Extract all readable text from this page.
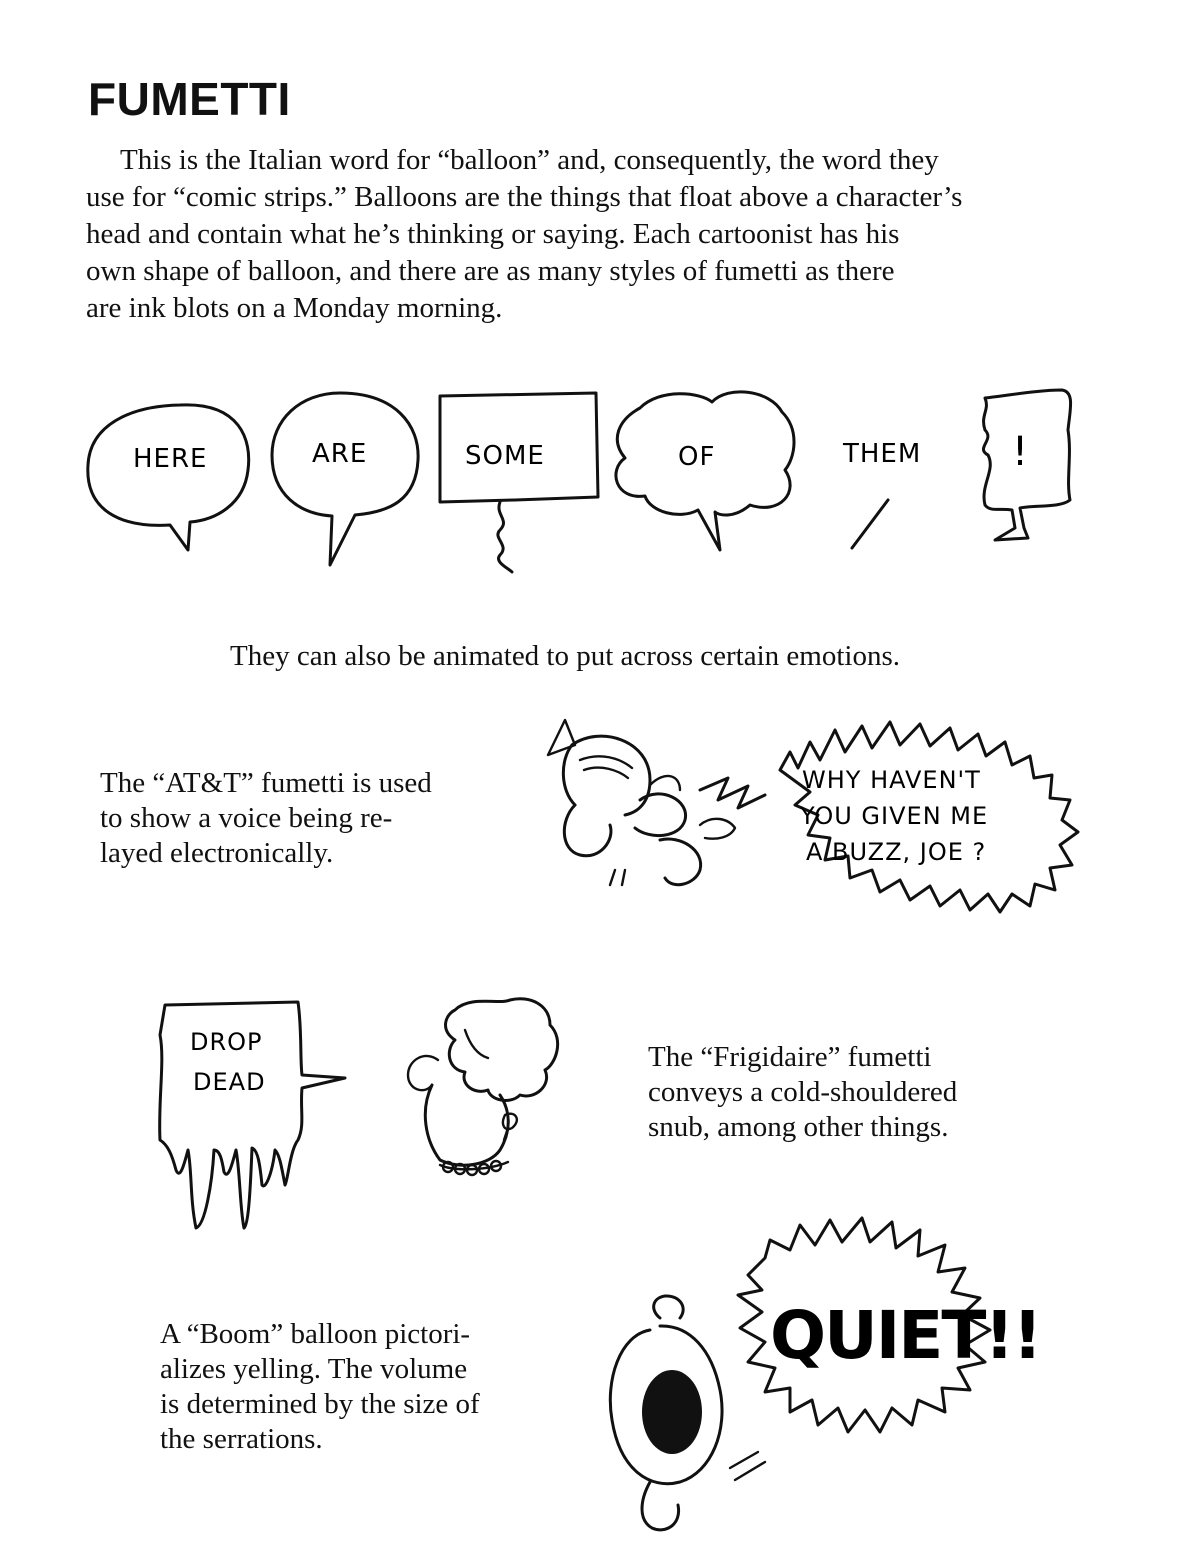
FUMETTI

This is the Italian word for “balloon” and, consequently, the word they
use for “comic strips.” Balloons are the things that float above a character’s
head and contain what he’s thinking or saying. Each cartoonist has his
own shape of balloon, and there are as many styles of fumetti as there
are ink blots on a Monday morning.

HERE	ARE	SOME	OF	THEM !

They can also be animated to put across certain emotions.

The “AT&T” fumetti is used
to show a voice being re-
layed electronically.

WHY HAVEN'T
YOU GIVEN ME
A BUZZ, JOE ?
DROP
DEAD

The “Frigidaire” fumetti
conveys a cold-shouldered
snub, among other things.

A “Boom” balloon pictori-
alizes yelling. The volume
is determined by the size of
the serrations.

QUIET!!
